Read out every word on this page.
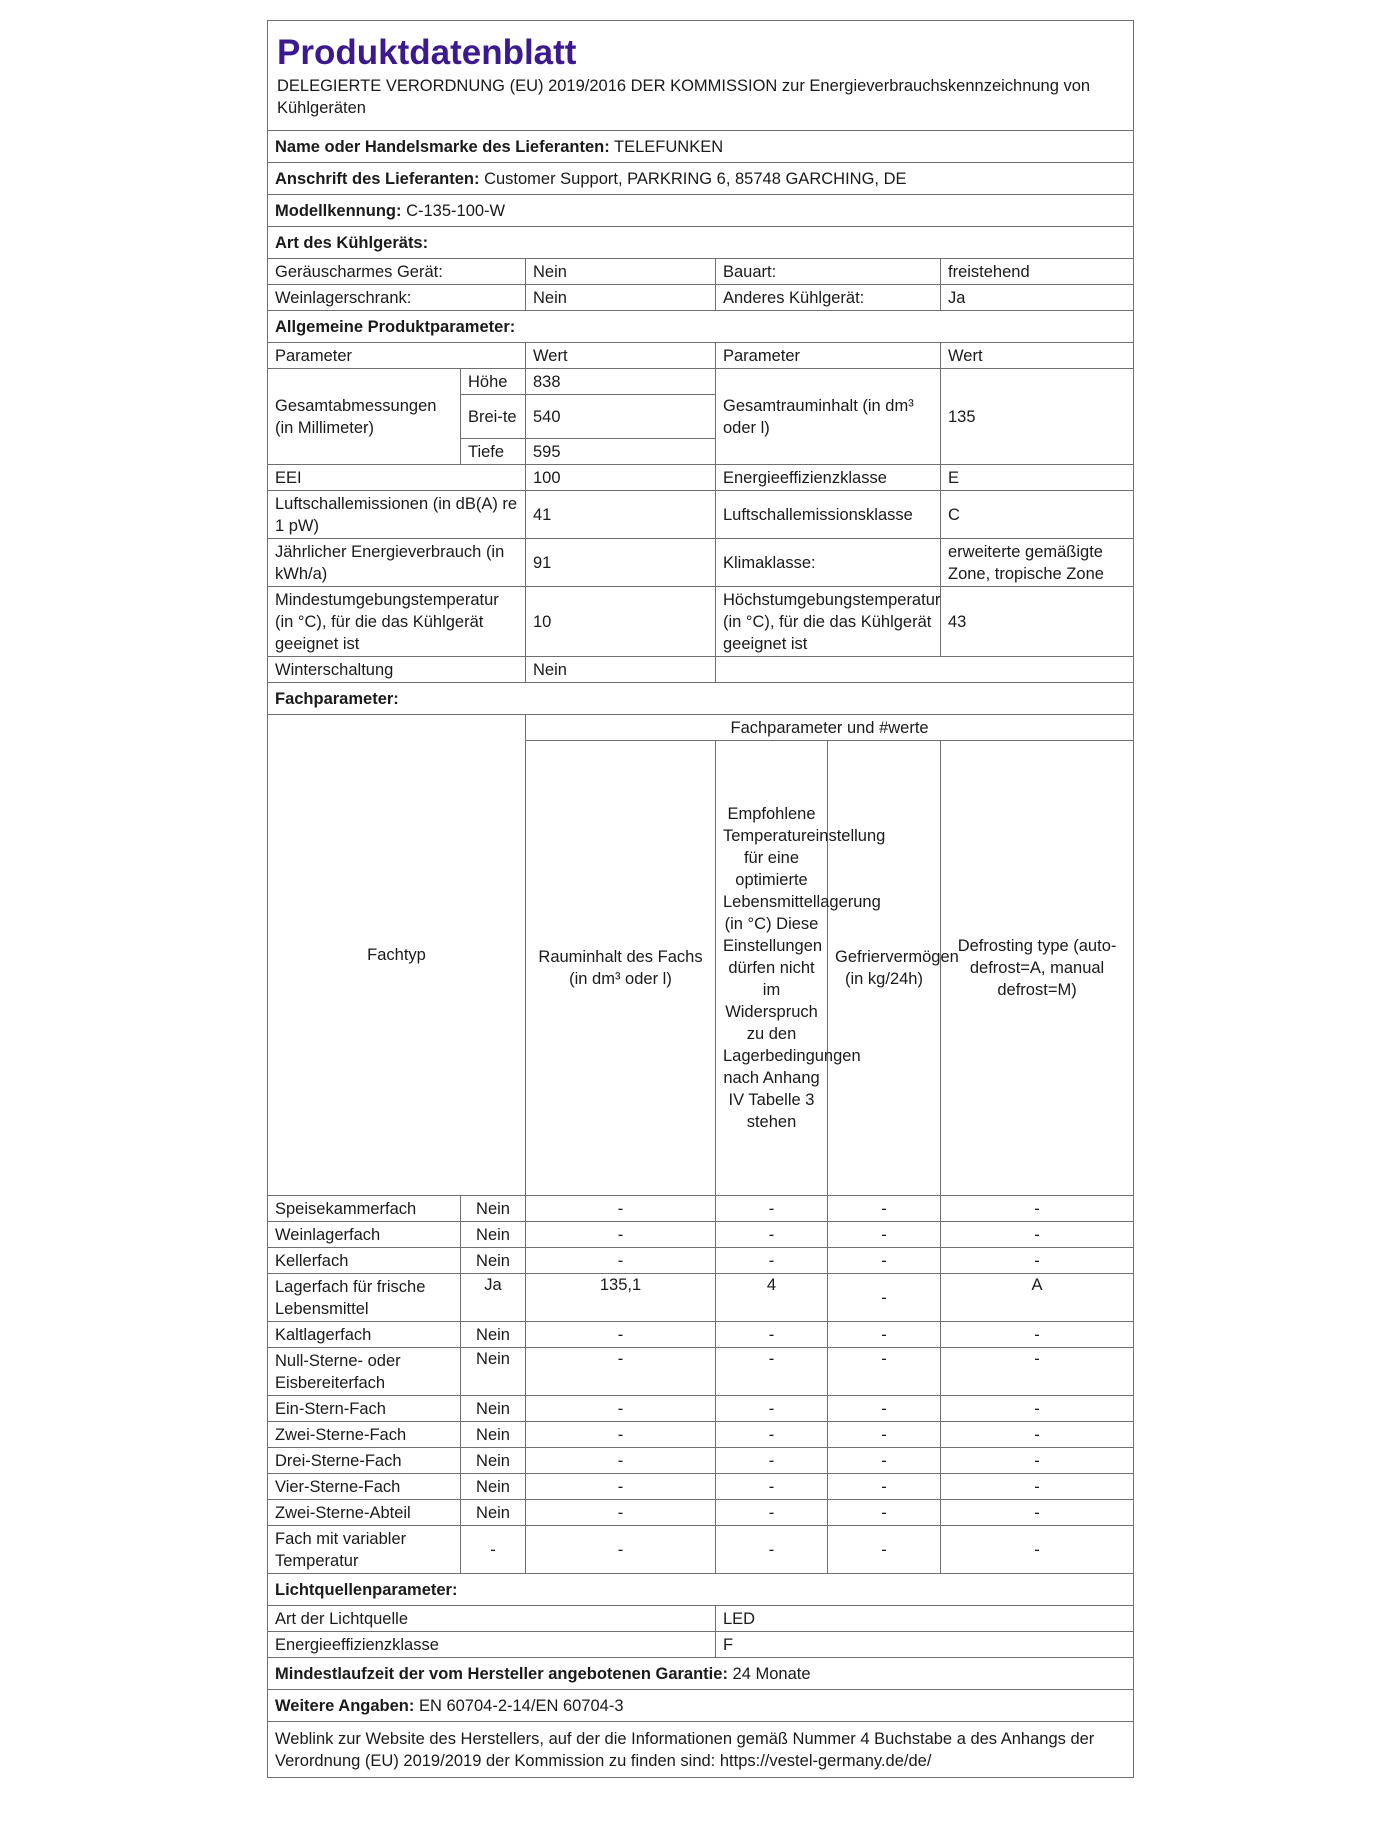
Produktdatenblatt
DELEGIERTE VERORDNUNG (EU) 2019/2016 DER KOMMISSION zur Energieverbrauchskennzeichnung von Kühlgeräten					

Name oder Handelsmarke des Lieferanten: TELEFUNKEN					
Anschrift des Lieferanten: Customer Support, PARKRING 6, 85748 GARCHING, DE					
Modellkennung: C-135-100-W					
Art des Kühlgeräts:					
Geräuscharmes Gerät:		Nein	Bauart:		freistehend
Weinlagerschrank:		Nein	Anderes Kühlgerät:		Ja
Allgemeine Produktparameter:					
Parameter		Wert	Parameter		Wert
Gesamtabmessungen (in Millimeter)	Höhe	838	Gesamtrauminhalt (in dm³ oder l)		135
	Brei-te	540			
	Tiefe	595			
EEI		100	Energieeffizienzklasse		E
Luftschallemissionen (in dB(A) re 1 pW)		41	Luftschallemissionsklasse		C
Jährlicher Energieverbrauch (in kWh/a)		91	Klimaklasse:		erweiterte gemäßigte Zone, tropische Zone
Mindestumgebungstemperatur (in °C), für die das Kühlgerät geeignet ist		10	Höchstumgebungstemperatur (in °C), für die das Kühlgerät geeignet ist		43
Winterschaltung		Nein			
Fachparameter:					
Fachtyp		Fachparameter und #werte			
		Rauminhalt des Fachs (in dm³ oder l)	Empfohlene Temperatureinstellung für eine optimierte Lebensmittellagerung (in °C) Diese Einstellungen dürfen nicht im Widerspruch zu den Lagerbedingungen nach Anhang IV Tabelle 3 stehen	Gefriervermögen (in kg/24h)	Defrosting type (auto-defrost=A, manual defrost=M)
Speisekammerfach	Nein	-	-	-	-
Weinlagerfach	Nein	-	-	-	-
Kellerfach	Nein	-	-	-	-
Lagerfach für frische Lebensmittel	Ja	135,1	4	-	A
Kaltlagerfach	Nein	-	-	-	-
Null-Sterne- oder Eisbereiterfach	Nein	-	-	-	-
Ein-Stern-Fach	Nein	-	-	-	-
Zwei-Sterne-Fach	Nein	-	-	-	-
Drei-Sterne-Fach	Nein	-	-	-	-
Vier-Sterne-Fach	Nein	-	-	-	-
Zwei-Sterne-Abteil	Nein	-	-	-	-
Fach mit variabler Temperatur	-	-	-	-	-
Lichtquellenparameter:					
Art der Lichtquelle			LED		
Energieeffizienzklasse			F		
Mindestlaufzeit der vom Hersteller angebotenen Garantie: 24 Monate					
Weitere Angaben: EN 60704-2-14/EN 60704-3					
Weblink zur Website des Herstellers, auf der die Informationen gemäß Nummer 4 Buchstabe a des Anhangs der Verordnung (EU) 2019/2019 der Kommission zu finden sind: https://vestel-germany.de/de/					
